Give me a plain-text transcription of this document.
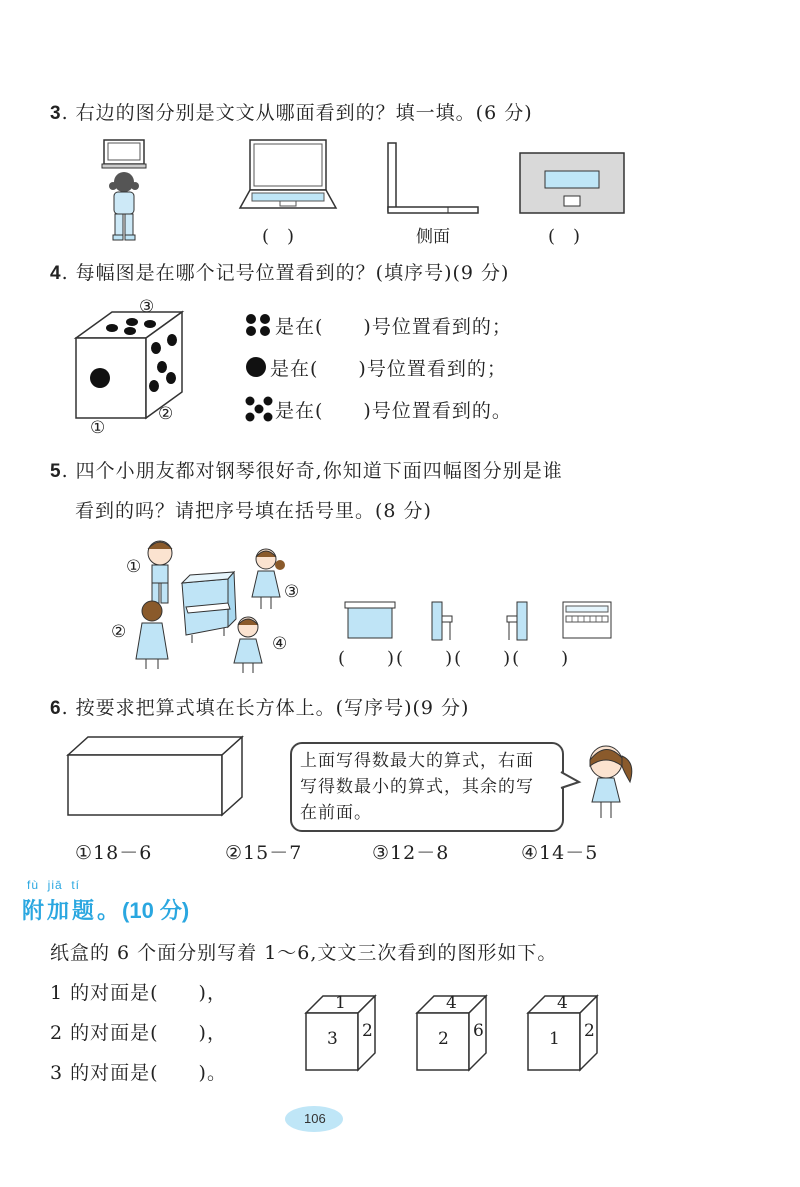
3. 右边的图分别是文文从哪面看到的？填一填。(6 分)
(　)	侧面	(　)
4. 每幅图是在哪个记号位置看到的？(填序号)(9 分)
③
②
①
是在(　　)号位置看到的；
是在(　　)号位置看到的；
是在(　　)号位置看到的。
5. 四个小朋友都对钢琴很好奇,你知道下面四幅图分别是谁
看到的吗？请把序号填在括号里。(8 分)
①
②
③
④
(　　)(　　)(　　)(　　)
6. 按要求把算式填在长方体上。(写序号)(9 分)
上面写得数最大的算式，右面
写得数最小的算式，其余的写
在前面。
①18－6	②15－7	③12－8	④14－5
fù  jiā  tí
附加题。(10 分)
纸盒的 6 个面分别写着 1～6,文文三次看到的图形如下。
1 的对面是(　　)，
2 的对面是(　　)，
3 的对面是(　　)。
1
3 2
4
2 6
4
1 2
106
